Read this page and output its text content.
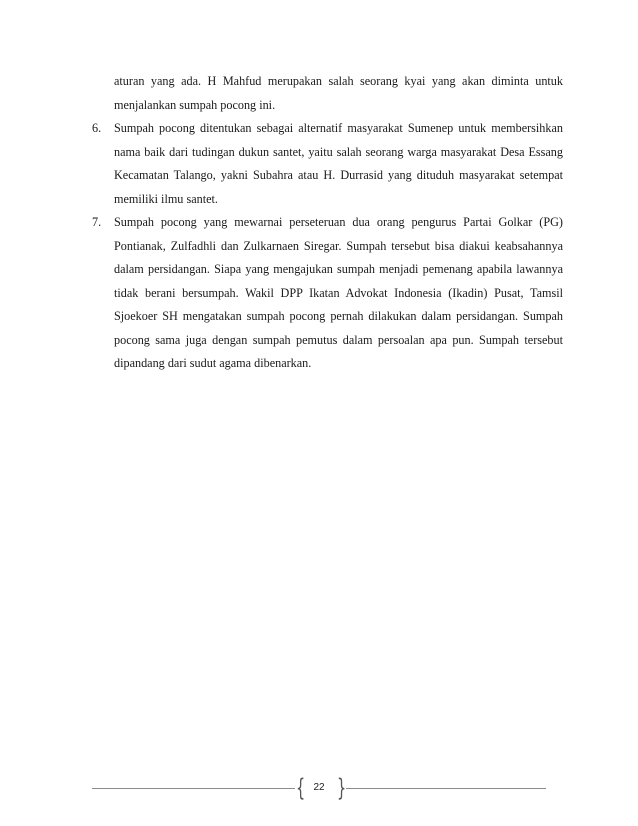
aturan yang ada. H Mahfud merupakan salah seorang kyai yang akan diminta untuk menjalankan sumpah pocong ini.

6. Sumpah pocong ditentukan sebagai alternatif masyarakat Sumenep untuk membersihkan nama baik dari tudingan dukun santet, yaitu salah seorang warga masyarakat Desa Essang Kecamatan Talango, yakni Subahra atau H. Durrasid yang dituduh masyarakat setempat memiliki ilmu santet.
7. Sumpah pocong yang mewarnai perseteruan dua orang pengurus Partai Golkar (PG) Pontianak, Zulfadhli dan Zulkarnaen Siregar. Sumpah tersebut bisa diakui keabsahannya dalam persidangan. Siapa yang mengajukan sumpah menjadi pemenang apabila lawannya tidak berani bersumpah. Wakil DPP Ikatan Advokat Indonesia (Ikadin) Pusat, Tamsil Sjoekoer SH mengatakan sumpah pocong pernah dilakukan dalam persidangan. Sumpah pocong sama juga dengan sumpah pemutus dalam persoalan apa pun. Sumpah tersebut dipandang dari sudut agama dibenarkan.
{ 22 }
